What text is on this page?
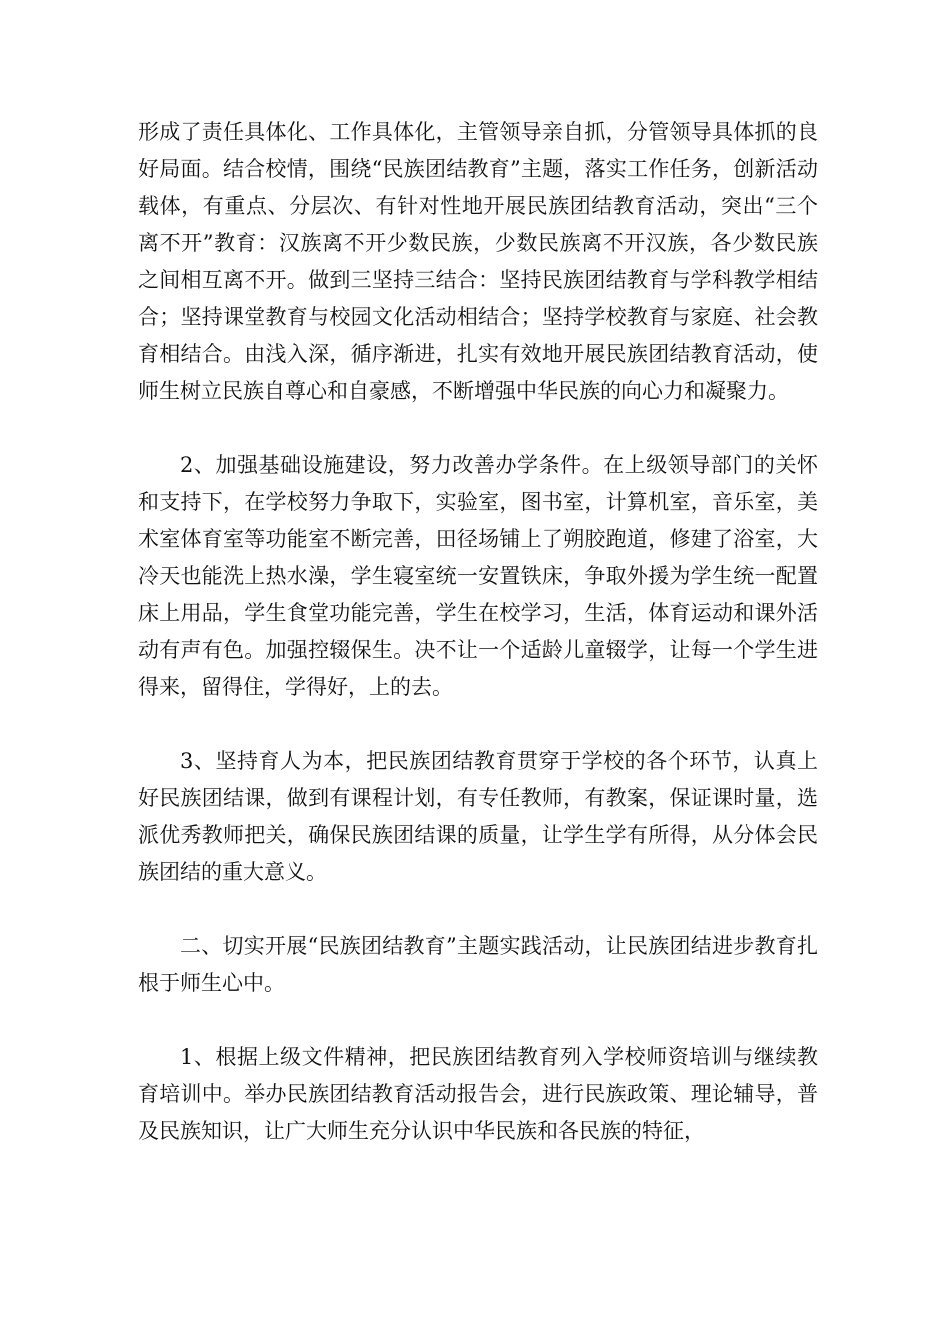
形成了责任具体化、工作具体化，主管领导亲自抓，分管领导具体抓的良好局面。结合校情，围绕“民族团结教育”主题，落实工作任务，创新活动载体，有重点、分层次、有针对性地开展民族团结教育活动，突出“三个离不开”教育：汉族离不开少数民族，少数民族离不开汉族，各少数民族之间相互离不开。做到三坚持三结合：坚持民族团结教育与学科教学相结合；坚持课堂教育与校园文化活动相结合；坚持学校教育与家庭、社会教育相结合。由浅入深，循序渐进，扎实有效地开展民族团结教育活动，使师生树立民族自尊心和自豪感，不断增强中华民族的向心力和凝聚力。

2、加强基础设施建设，努力改善办学条件。在上级领导部门的关怀和支持下，在学校努力争取下，实验室，图书室，计算机室，音乐室，美术室体育室等功能室不断完善，田径场铺上了朔胶跑道，修建了浴室，大冷天也能洗上热水澡，学生寝室统一安置铁床，争取外援为学生统一配置床上用品，学生食堂功能完善，学生在校学习，生活，体育运动和课外活动有声有色。加强控辍保生。决不让一个适龄儿童辍学，让每一个学生进得来，留得住，学得好，上的去。

3、坚持育人为本，把民族团结教育贯穿于学校的各个环节，认真上好民族团结课，做到有课程计划，有专任教师，有教案，保证课时量，选派优秀教师把关，确保民族团结课的质量，让学生学有所得，从分体会民族团结的重大意义。

二、切实开展“民族团结教育”主题实践活动，让民族团结进步教育扎根于师生心中。

1、根据上级文件精神，把民族团结教育列入学校师资培训与继续教育培训中。举办民族团结教育活动报告会，进行民族政策、理论辅导，普及民族知识，让广大师生充分认识中华民族和各民族的特征，
